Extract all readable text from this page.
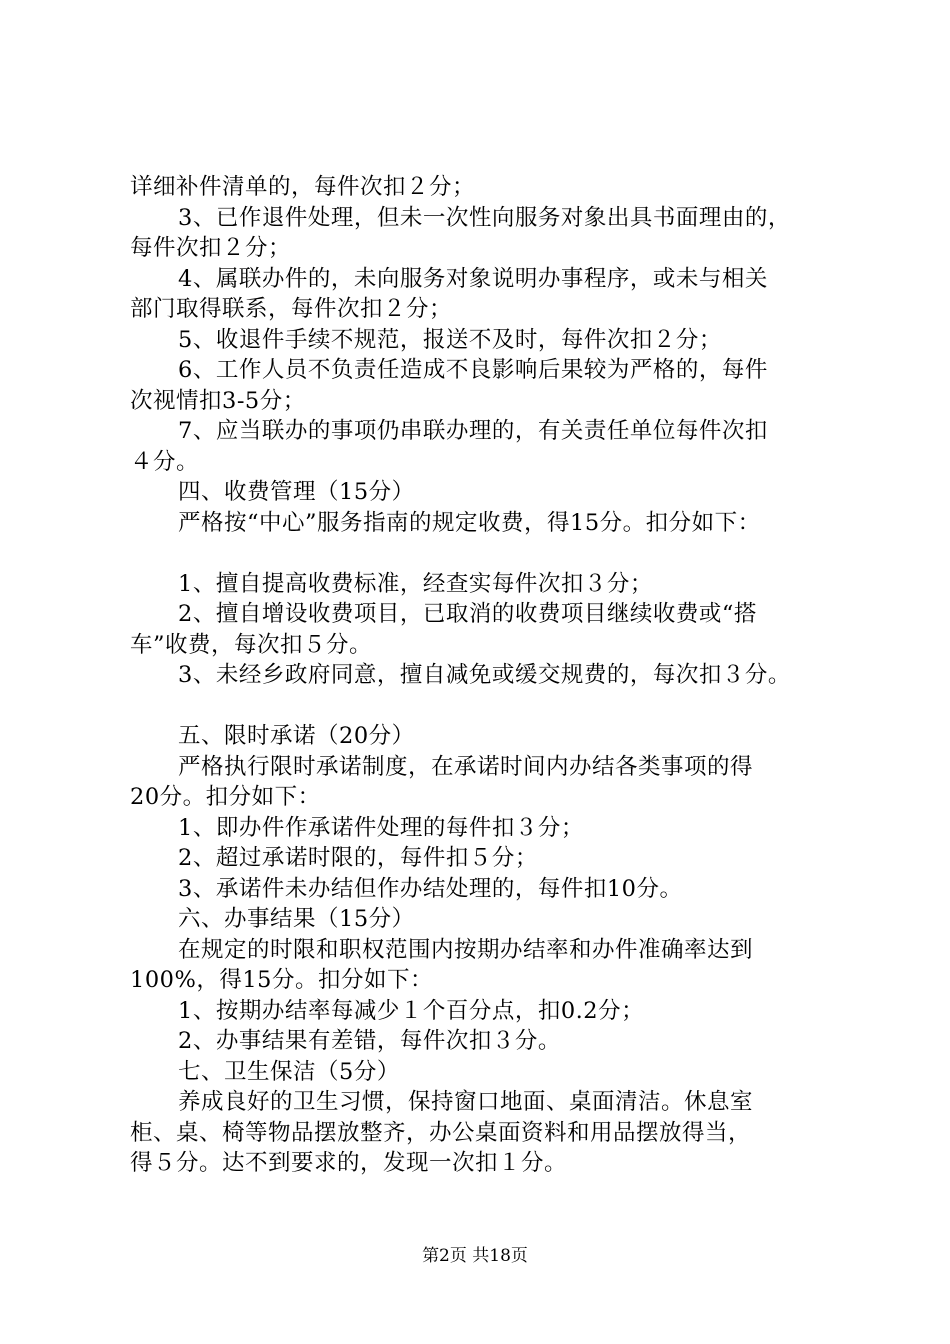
详细补件清单的，每件次扣２分；
3、已作退件处理，但未一次性向服务对象出具书面理由的，
每件次扣２分；
4、属联办件的，未向服务对象说明办事程序，或未与相关
部门取得联系，每件次扣２分；
5、收退件手续不规范，报送不及时，每件次扣２分；
6、工作人员不负责任造成不良影响后果较为严格的，每件
次视情扣3-5分；
7、应当联办的事项仍串联办理的，有关责任单位每件次扣
４分。
四、收费管理（15分）
严格按“中心”服务指南的规定收费，得15分。扣分如下：
1、擅自提高收费标准，经查实每件次扣３分；
2、擅自增设收费项目，已取消的收费项目继续收费或“搭
车”收费，每次扣５分。
3、未经乡政府同意，擅自减免或缓交规费的，每次扣３分。
五、限时承诺（20分）
严格执行限时承诺制度，在承诺时间内办结各类事项的得
20分。扣分如下：
1、即办件作承诺件处理的每件扣３分；
2、超过承诺时限的，每件扣５分；
3、承诺件未办结但作办结处理的，每件扣10分。
六、办事结果（15分）
在规定的时限和职权范围内按期办结率和办件准确率达到
100%，得15分。扣分如下：
1、按期办结率每减少１个百分点，扣0.2分；
2、办事结果有差错，每件次扣３分。
七、卫生保洁（5分）
养成良好的卫生习惯，保持窗口地面、桌面清洁。休息室
柜、桌、椅等物品摆放整齐，办公桌面资料和用品摆放得当，
得５分。达不到要求的，发现一次扣１分。
第2页 共18页
